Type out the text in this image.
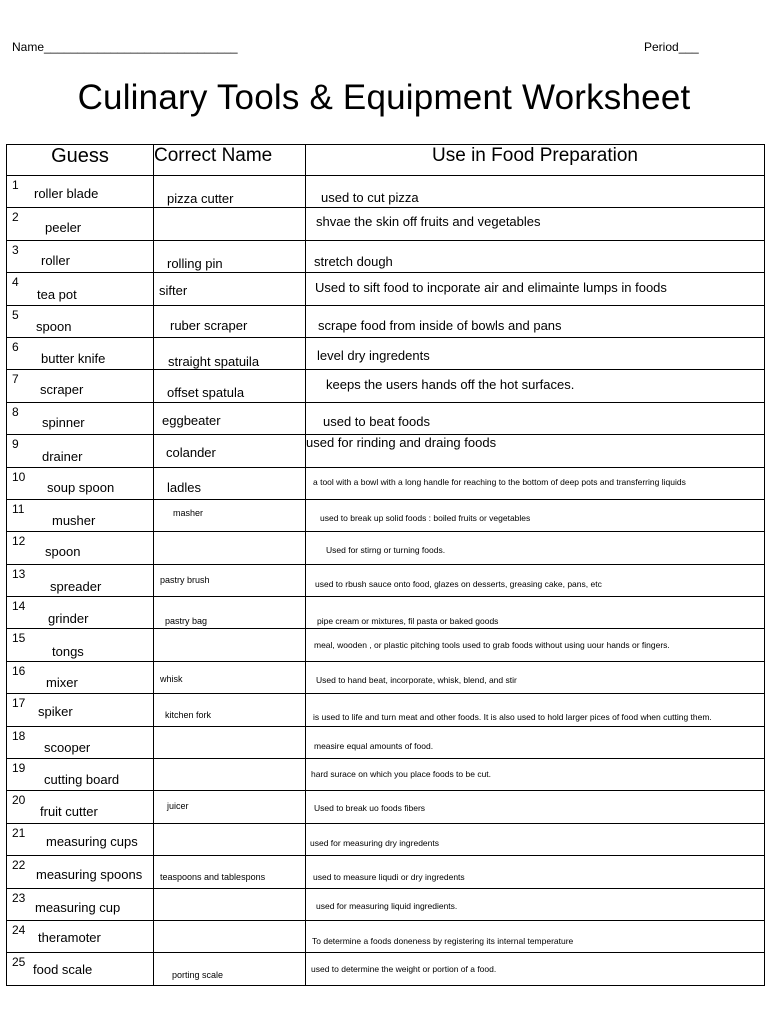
Name_____________________________	Period___
Culinary Tools & Equipment Worksheet
Guess	Correct Name	Use in Food Preparation

1
roller blade	pizza cutter	used to cut pizza

2
peeler		shvae the skin off fruits and vegetables

3
roller	rolling pin	stretch dough

4
tea pot	sifter	Used to sift food to incporate air and elimainte lumps in foods

5
spoon	ruber scraper	scrape food from inside of bowls and pans

6
butter knife	straight spatuila	level dry ingredents

7
scraper	offset spatula	keeps the users hands off the hot surfaces.

8
spinner	eggbeater	used to beat foods

9
drainer	colander	used for rinding and draing foods

10
soup spoon	ladles	a tool with a bowl with a long handle for reaching to the bottom of deep pots and transferring liquids

11
musher	masher	used to break up solid foods : boiled fruits or vegetables

12
spoon		Used for stirng or turning foods.

13
spreader	pastry brush	used to rbush sauce onto food, glazes on desserts, greasing cake, pans, etc

14
grinder	pastry bag	pipe cream or mixtures, fil pasta or baked goods

15
tongs		meal, wooden , or plastic pitching tools used to grab foods without using uour hands or fingers.

16
mixer	whisk	Used to hand beat, incorporate, whisk, blend, and stir

17
spiker	kitchen fork	is used to life and turn meat and other foods. It is also used to hold larger pices of food when cutting them.

18
scooper		measire equal amounts of food.

19
cutting board		hard surace on which you place foods to be cut.

20
fruit cutter	juicer	Used to break uo foods fibers

21
measuring cups		used for measuring dry ingredents

22
measuring spoons	teaspoons and tablespons	used to measure liqudi or dry ingredents

23
measuring cup		used for measuring liquid ingredients.

24 theramoter		To determine a foods doneness by registering its internal temperature

25 food scale	porting scale	used to determine the weight or portion of a food.
